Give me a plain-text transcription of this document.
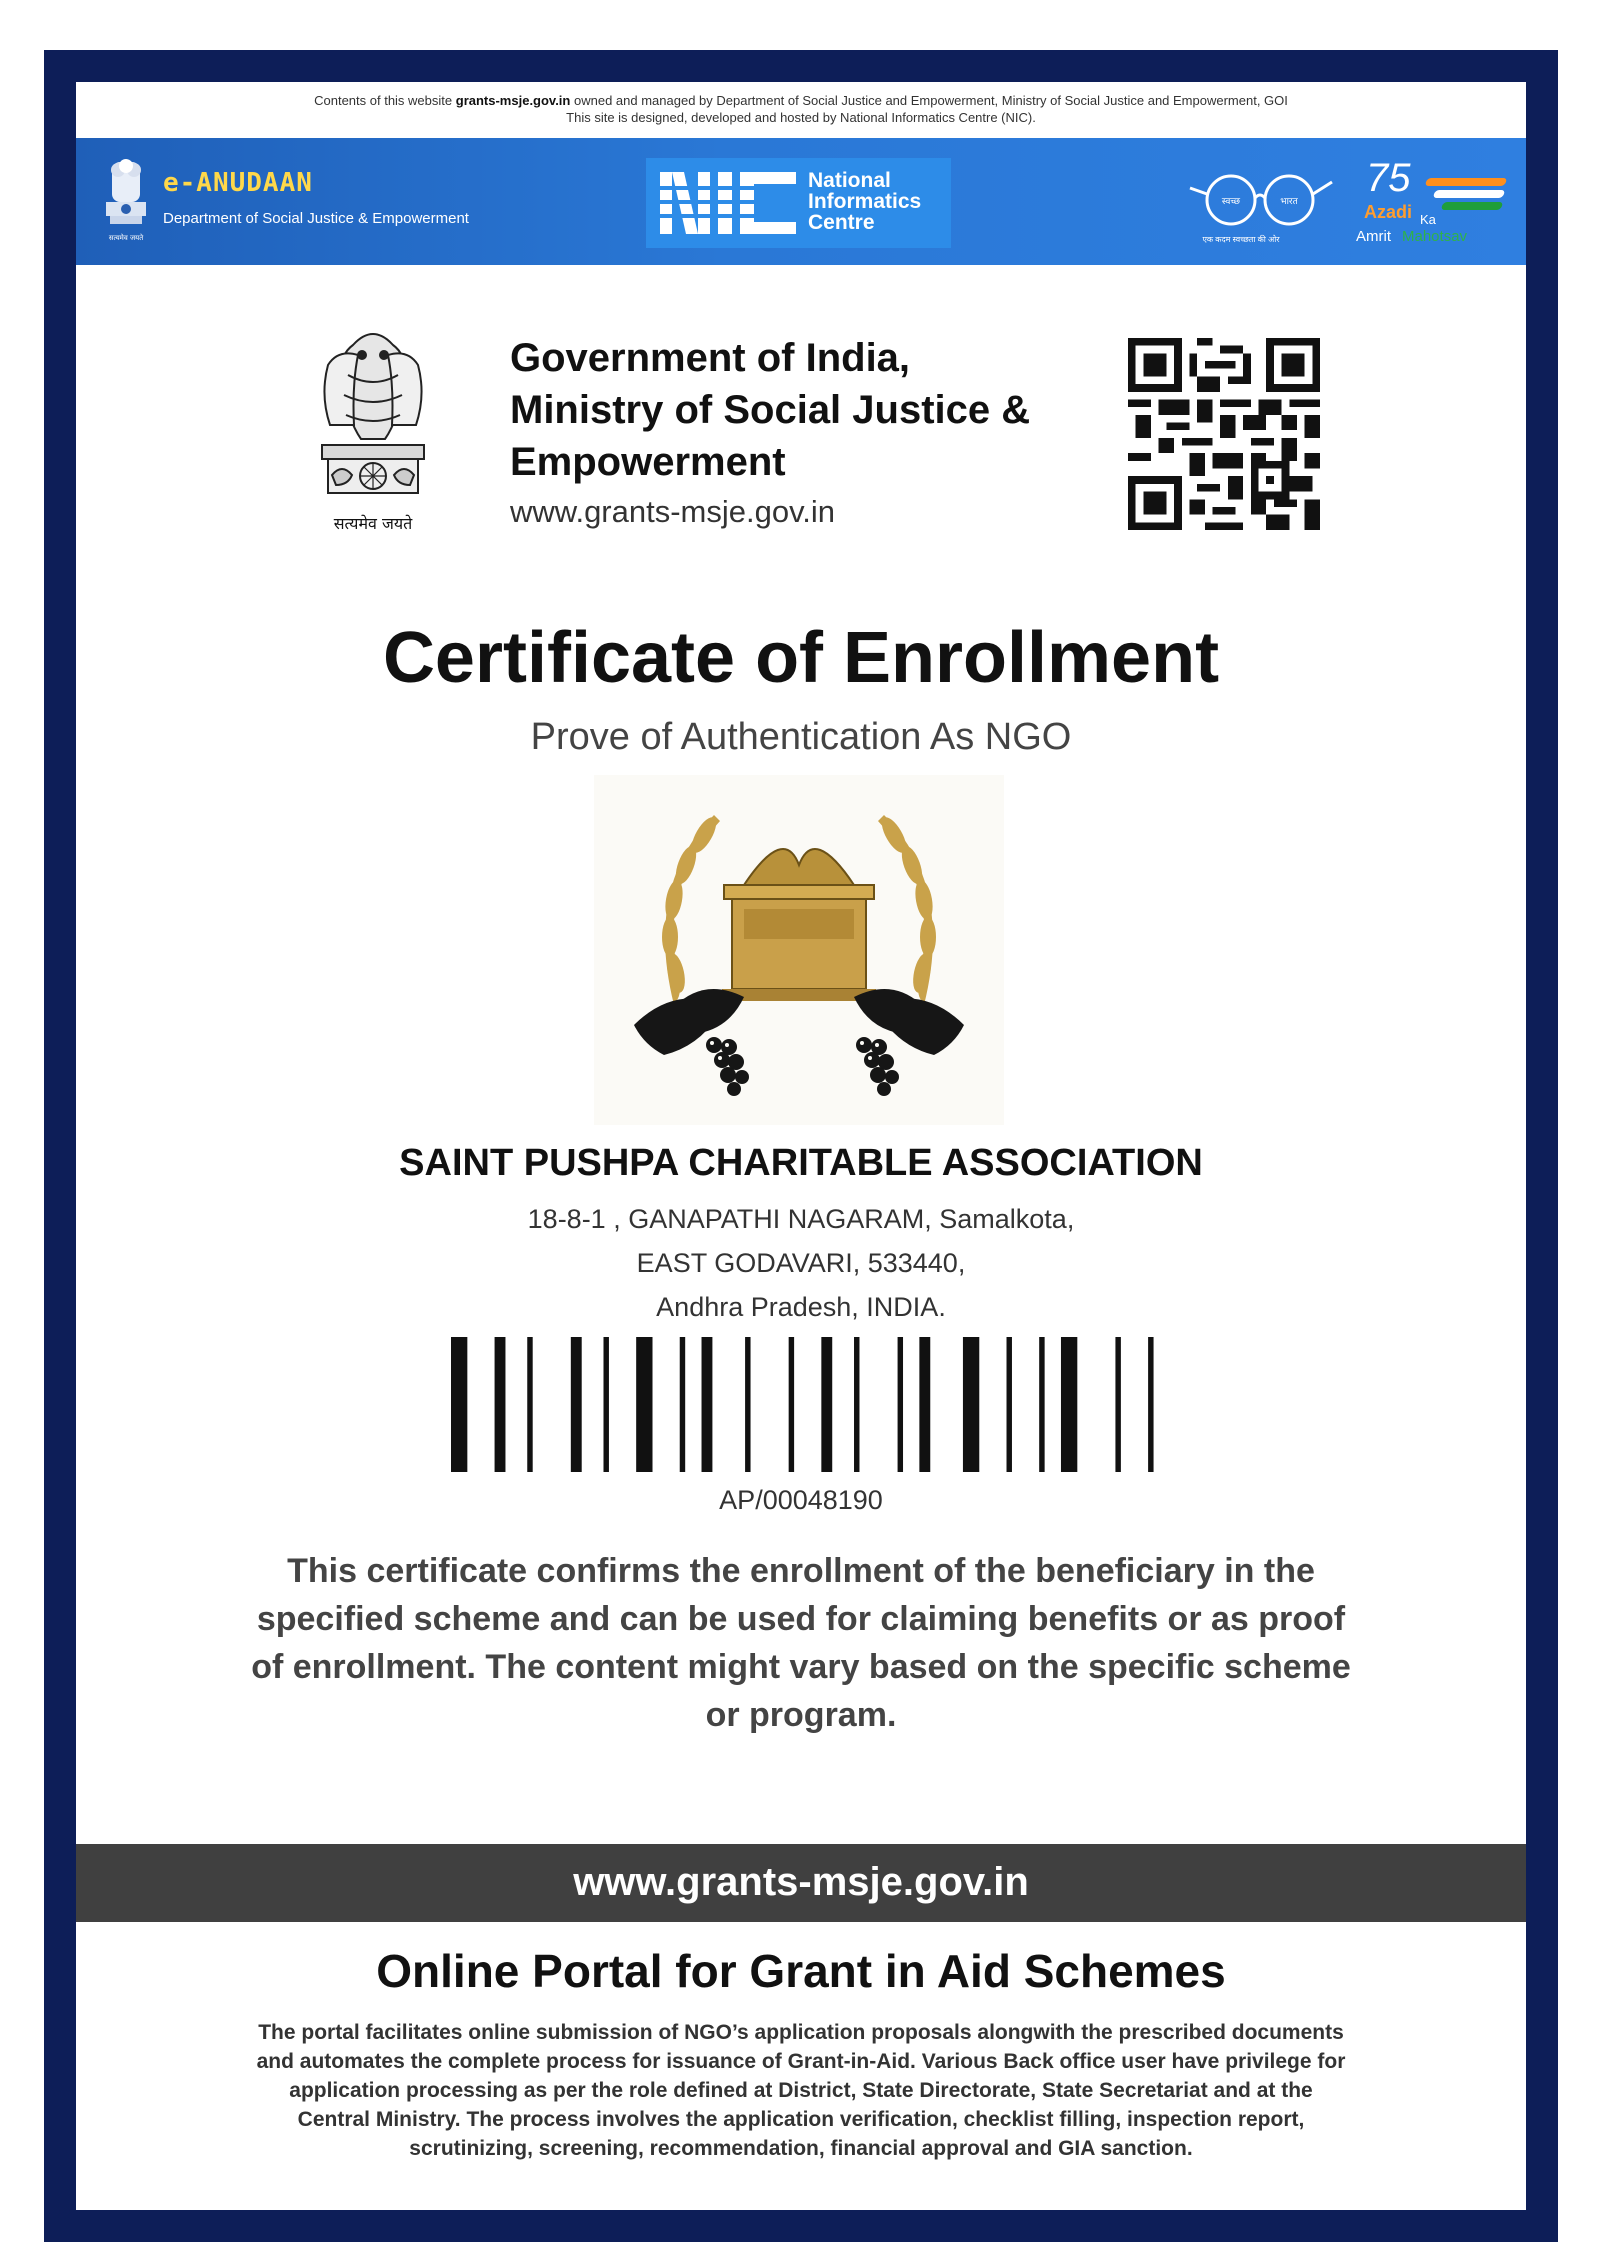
Contents of this website grants-msje.gov.in owned and managed by Department of Social Justice and Empowerment, Ministry of Social Justice and Empowerment, GOI
This site is designed, developed and hosted by National Informatics Centre (NIC).
सत्यमेव जयते
e-ANUDAAN
Department of Social Justice & Empowerment
National
Informatics
Centre
स्वच्छ	भारत
एक कदम स्वच्छता की ओर
75
Azadi Ka
Amrit Mahotsav
सत्यमेव जयते
Government of India,
Ministry of Social Justice &
Empowerment
www.grants-msje.gov.in
Certificate of Enrollment
Prove of Authentication As NGO
SAINT PUSHPA CHARITABLE ASSOCIATION
18-8-1 , GANAPATHI NAGARAM, Samalkota,
EAST GODAVARI, 533440,
Andhra Pradesh, INDIA.
AP/00048190
This certificate confirms the enrollment of the beneficiary in the specified scheme and can be used for claiming benefits or as proof of enrollment. The content might vary based on the specific scheme or program.
www.grants-msje.gov.in
Online Portal for Grant in Aid Schemes
The portal facilitates online submission of NGO’s application proposals alongwith the prescribed documents and automates the complete process for issuance of Grant-in-Aid. Various Back office user have privilege for application processing as per the role defined at District, State Directorate, State Secretariat and at the Central Ministry. The process involves the application verification, checklist filling, inspection report, scrutinizing, screening, recommendation, financial approval and GIA sanction.
